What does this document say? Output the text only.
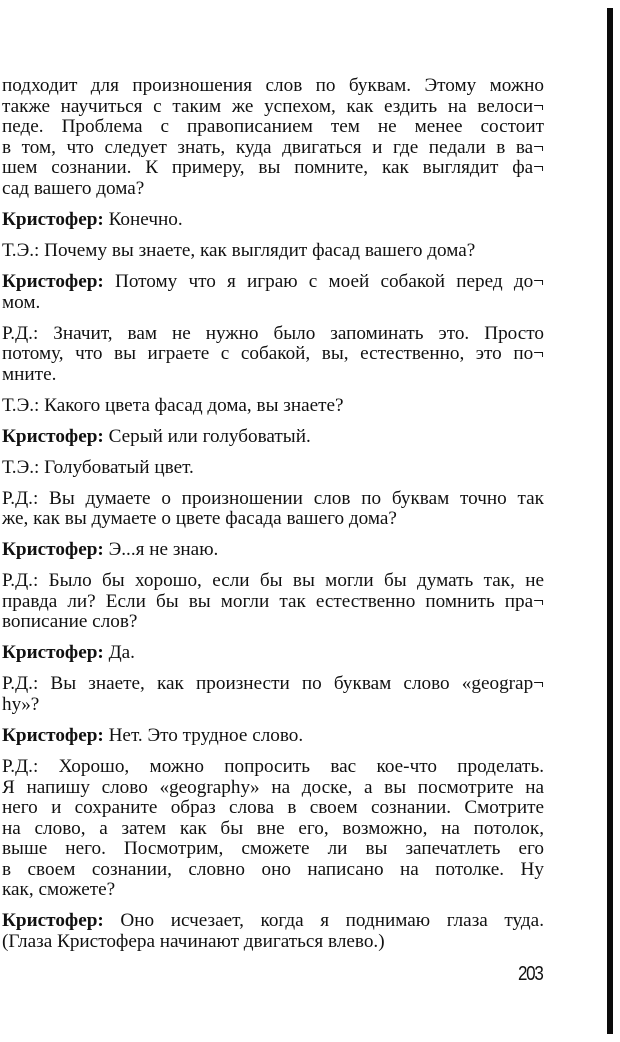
подходит для произношения слов по буквам. Этому можно
также научиться с таким же успехом, как ездить на велоси¬
педе. Проблема с правописанием тем не менее состоит
в том, что следует знать, куда двигаться и где педали в ва¬
шем сознании. К примеру, вы помните, как выглядит фа¬
сад вашего дома?

Кристофер: Конечно.

Т.Э.: Почему вы знаете, как выглядит фасад вашего дома?

Кристофер: Потому что я играю с моей собакой перед до¬
мом.

Р.Д.: Значит, вам не нужно было запоминать это. Просто
потому, что вы играете с собакой, вы, естественно, это по¬
мните.

Т.Э.: Какого цвета фасад дома, вы знаете?

Кристофер: Серый или голубоватый.

Т.Э.: Голубоватый цвет.

Р.Д.: Вы думаете о произношении слов по буквам точно так
же, как вы думаете о цвете фасада вашего дома?

Кристофер: Э...я не знаю.

Р.Д.: Было бы хорошо, если бы вы могли бы думать так, не
правда ли? Если бы вы могли так естественно помнить пра¬
вописание слов?

Кристофер: Да.

Р.Д.: Вы знаете, как произнести по буквам слово «geograp¬
hy»?

Кристофер: Нет. Это трудное слово.

Р.Д.: Хорошо, можно попросить вас кое-что проделать.
Я напишу слово «geography» на доске, а вы посмотрите на
него и сохраните образ слова в своем сознании. Смотрите
на слово, а затем как бы вне его, возможно, на потолок,
выше него. Посмотрим, сможете ли вы запечатлеть его
в своем сознании, словно оно написано на потолке. Ну
как, сможете?

Кристофер: Оно исчезает, когда я поднимаю глаза туда.
(Глаза Кристофера начинают двигаться влево.)

203
